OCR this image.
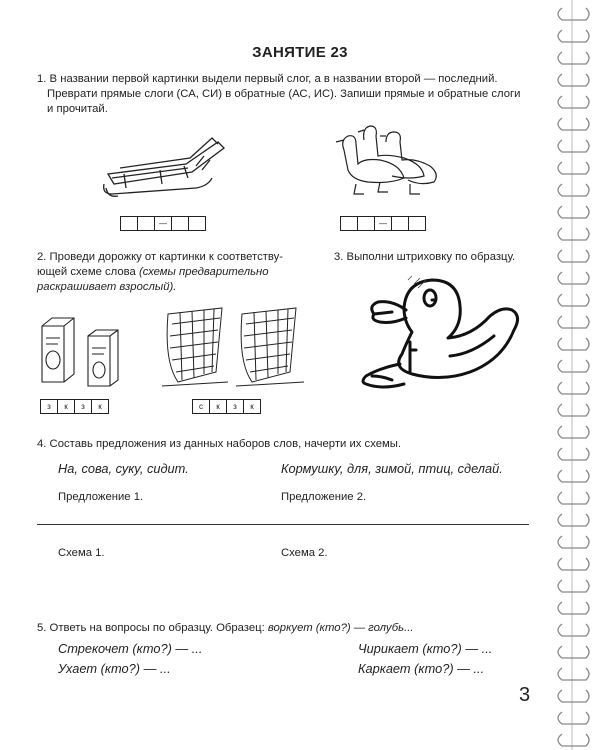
ЗАНЯТИЕ 23
1. В названии первой картинки выдели первый слог, а в названии второй — последний.
Преврати прямые слоги (СА, СИ) в обратные (АС, ИС). Запиши прямые и обратные слоги
и прочитай.
—	—
2. Проведи дорожку от картинки к соответству-
ющей схеме слова (схемы предварительно
раскрашивает взрослый).
з	к	з	к	с	к	з	к
3. Выполни штриховку по образцу.
4. Составь предложения из данных наборов слов, начерти их схемы.
На, сова, суку, сидит.	Кормушку, для, зимой, птиц, сделай.
Предложение 1.	Предложение 2.
Схема 1.	Схема 2.
5. Ответь на вопросы по образцу. Образец: воркует (кто?) — голубь...
Стрекочет (кто?) — ...	Чирикает (кто?) — ...
Ухает (кто?) — ...	Каркает (кто?) — ...
3
